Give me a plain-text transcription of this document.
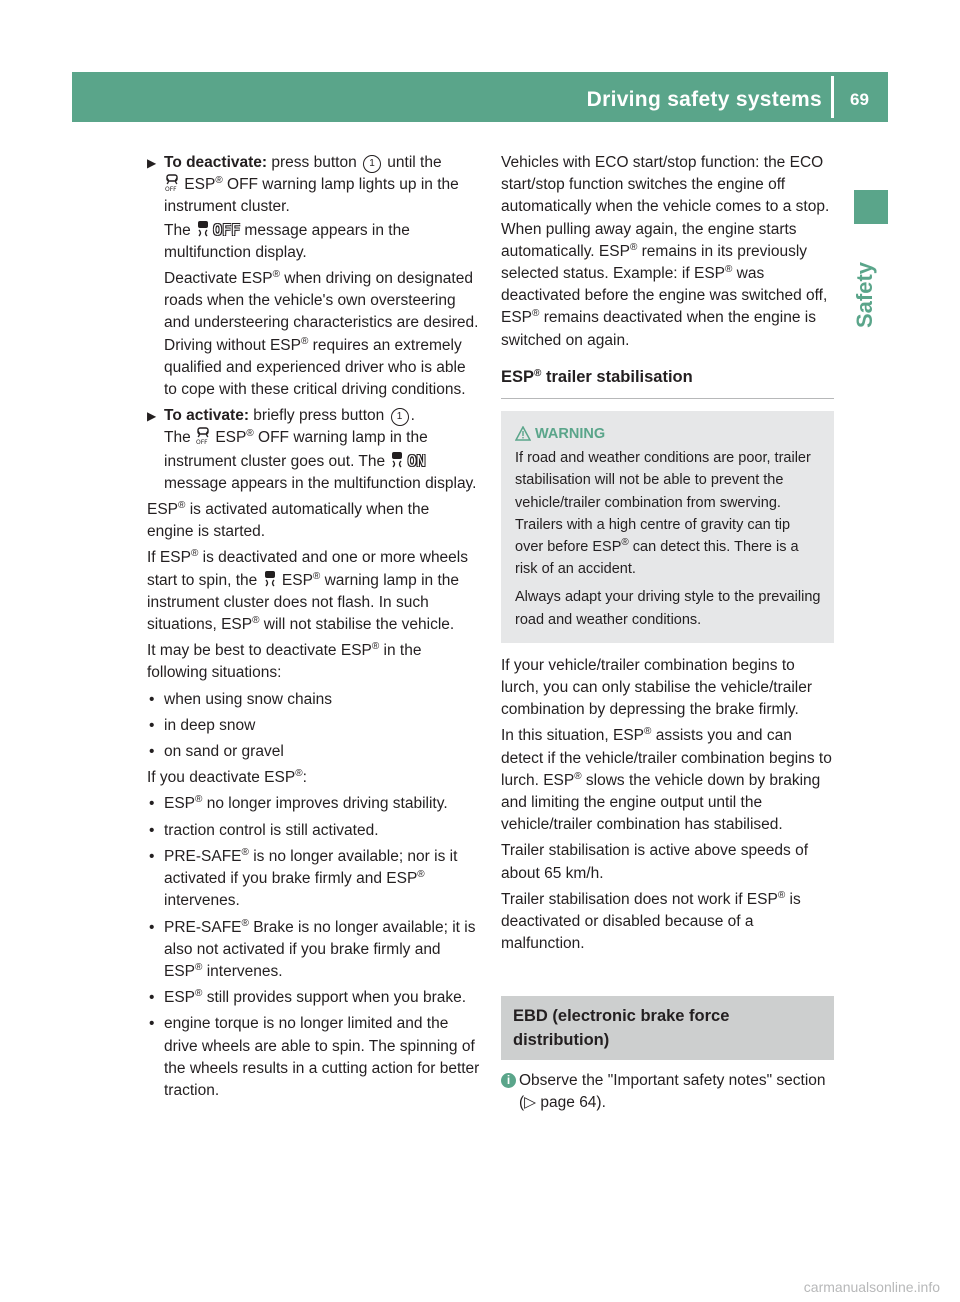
Driving safety systems 69
Safety
▶ To deactivate: press button 1 until the

OFF ESP® OFF warning lamp lights up in the instrument cluster.
The OFF message appears in the multifunction display.

Deactivate ESP® when driving on designated roads when the vehicle's own oversteering and understeering characteristics are desired. Driving without ESP® requires an extremely qualified and experienced driver who is able to cope with these critical driving conditions.

▶ To activate: briefly press button 1 .
The OFF ESP® OFF warning lamp in the instrument cluster goes out. The ON message appears in the multifunction display.

ESP® is activated automatically when the engine is started.

If ESP® is deactivated and one or more wheels start to spin, the  ESP® warning lamp in the instrument cluster does not flash. In such situations, ESP® will not stabilise the vehicle.

It may be best to deactivate ESP® in the following situations:

• when using snow chains
• in deep snow
• on sand or gravel

If you deactivate ESP®:

• ESP® no longer improves driving stability.
• traction control is still activated.
• PRE-SAFE® is no longer available; nor is it activated if you brake firmly and ESP® intervenes.
• PRE-SAFE® Brake is no longer available; it is also not activated if you brake firmly and ESP® intervenes.
• ESP® still provides support when you brake.
• engine torque is no longer limited and the drive wheels are able to spin. The spinning of the wheels results in a cutting action for better traction.

Vehicles with ECO start/stop function: the ECO start/stop function switches the engine off automatically when the vehicle comes to a stop. When pulling away again, the engine starts automatically. ESP® remains in its previously selected status. Example: if ESP® was deactivated before the engine was switched off, ESP® remains deactivated when the engine is switched on again.

ESP® trailer stabilisation
WARNING

If road and weather conditions are poor, trailer stabilisation will not be able to prevent the vehicle/trailer combination from swerving. Trailers with a high centre of gravity can tip over before ESP® can detect this. There is a risk of an accident.

Always adapt your driving style to the prevailing road and weather conditions.

If your vehicle/trailer combination begins to lurch, you can only stabilise the vehicle/trailer combination by depressing the brake firmly.

In this situation, ESP® assists you and can detect if the vehicle/trailer combination begins to lurch. ESP® slows the vehicle down by braking and limiting the engine output until the vehicle/trailer combination has stabilised.

Trailer stabilisation is active above speeds of about 65 km/h.

Trailer stabilisation does not work if ESP® is deactivated or disabled because of a malfunction.

EBD (electronic brake force distribution)
i Observe the "Important safety notes" section (▷ page 64).
carmanualsonline.info
